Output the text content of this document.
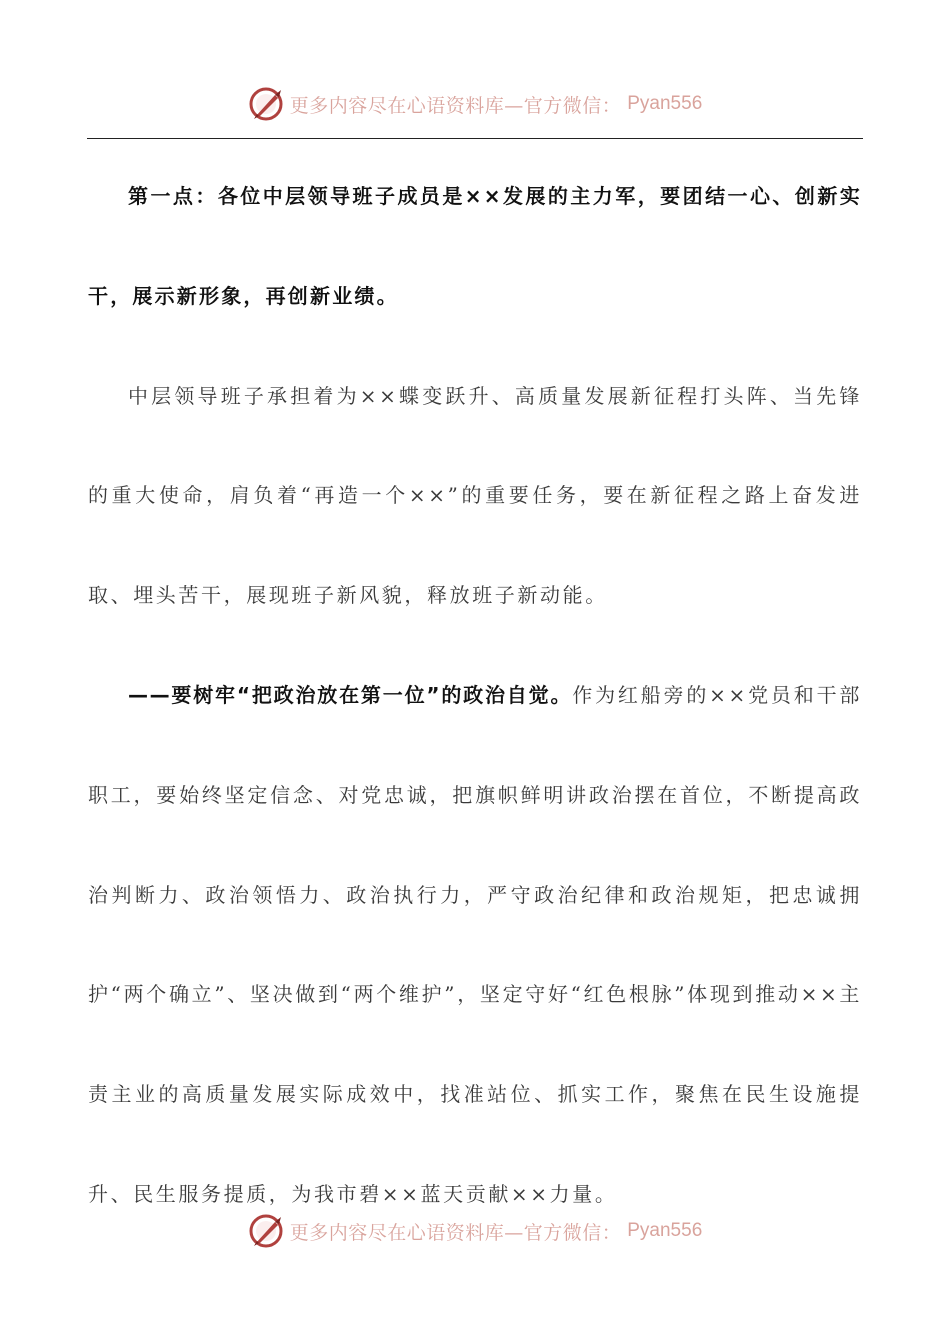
更多内容尽在心语资料库—官方微信： Pyan556

第一点：各位中层领导班子成员是××发展的主力军，要团结一心、创新实干，展示新形象，再创新业绩。

中层领导班子承担着为××蝶变跃升、高质量发展新征程打头阵、当先锋的重大使命，肩负着“再造一个××”的重要任务，要在新征程之路上奋发进取、埋头苦干，展现班子新风貌，释放班子新动能。

——要树牢“把政治放在第一位”的政治自觉。作为红船旁的××党员和干部职工，要始终坚定信念、对党忠诚，把旗帜鲜明讲政治摆在首位，不断提高政治判断力、政治领悟力、政治执行力，严守政治纪律和政治规矩，把忠诚拥护“两个确立”、坚决做到“两个维护”，坚定守好“红色根脉”体现到推动××主责主业的高质量发展实际成效中，找准站位、抓实工作，聚焦在民生设施提升、民生服务提质，为我市碧××蓝天贡献××力量。

更多内容尽在心语资料库—官方微信： Pyan556
